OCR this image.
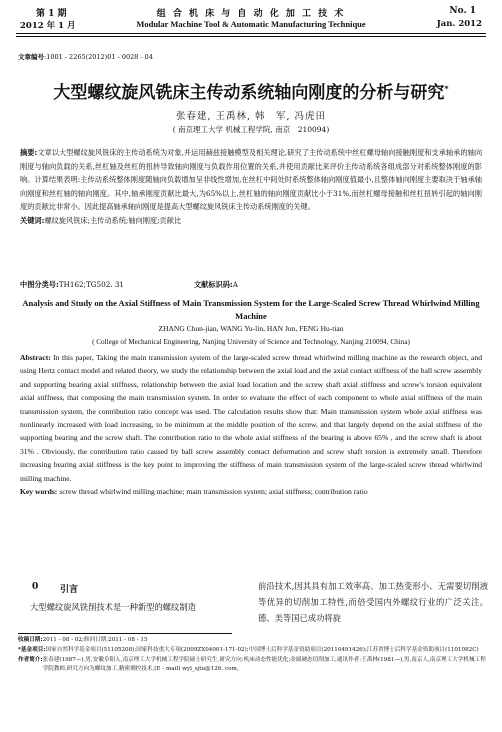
第 1 期	组 合 机 床 与 自 动 化 加 工 技 术	No. 1
2012 年 1 月	Modular Machine Tool & Automatic Manufacturing Technique	Jan. 2012
文章编号:1001 - 2265(2012)01 - 0028 - 04
大型螺纹旋风铣床主传动系统轴向刚度的分析与研究*
张春建, 王禹林, 韩　军, 冯虎田
( 南京理工大学 机械工程学院, 南京　210094)
摘要:文章以大型螺纹旋风铣床的主传动系统为对象,并运用赫兹接触模型及相关理论,研究了主传动系统中丝杠螺母轴向接触刚度和支承轴承的轴向刚度与轴向负载的关系,丝杠轴及丝杠的扭转导致轴向刚度与负载作用位置的关系,并使用贡献比来评价主传动系统各组成部分对系统整体刚度的影响。计算结果表明:主传动系统整体刚度随轴向负载增加呈非线性增加,在丝杠中间处时系统整体轴向刚度值最小,且整体轴向刚度主要取决于轴承轴向刚度和丝杠轴的轴向刚度。其中,轴承刚度贡献比最大,为65%以上,丝杠轴的轴向刚度贡献比小于31%,而丝杠螺母接触和丝杠扭转引起的轴向刚度的贡献比非常小。因此提高轴承轴向刚度是提高大型螺纹旋风铣床主传动系统刚度的关键。
关键词:螺纹旋风铣床;主传动系统;轴向刚度;贡献比
中图分类号:TH162;TG502. 31	文献标识码:A
Analysis and Study on the Axial Stiffness of Main Transmission System for the Large-Scaled Screw Thread Whirlwind Milling Machine
ZHANG Chun-jian, WANG Yu-lin, HAN Jun, FENG Hu-tian
( College of Mechanical Engineering, Nanjing University of Science and Technology, Nanjing 210094, China)
Abstract: In this paper, Taking the main transmission system of the large-scaled screw thread whirlwind milling machine as the research object, and using Hertz contact model and related theory, we study the relationship between the axial load and the axial contact stiffness of the ball screw assembly and supporting bearing axial stiffness, relationship between the axial load location and the screw shaft axial stiffness and screw's torsion equivalent axial stiffness, that composing the main transmission system. In order to evaluate the effect of each component to whole axial stiffness of the main transmission system, the contribution ratio concept was used. The calculation results show that: Main transmission system whole axial stiffness was nonlinearly increased with load increasing, to be minimum at the middle position of the screw, and that largely depend on the axial stiffness of the supporting bearing and the screw shaft. The contribution ratio to the whole axial stiffness of the bearing is above 65% , and the screw shaft is about 31% . Obviously, the contribution ratio caused by ball screw assembly contact deformation and screw shaft torsion is extremely small. Therefore increasing bearing axial stiffness is the key point to improving the stiffness of main transmission system of the large-scaled screw thread whirlwind milling machine.
Key words: screw thread whirlwind milling machine; main transmission system; axial stiffness; contribution ratio
0 引言
大型螺纹旋风铣削技术是一种新型的螺纹制造
前沿技术,因其具有加工效率高、加工热变形小、无需要切削液等优异的切削加工特性,而倍受国内外螺纹行业的广泛关注。德、美等国已成功将旋
收稿日期: 2011 - 08 - 02;修回日期:2011 - 08 - 15
*基金项目: 国家自然科学基金项目(51105208);国家科技重大专项(2009ZX04001-171-02);中国博士后科学基金资助项目(20110491426);江苏省博士后科学基金资助项目(1101082C)
作者简介: 张春建(1987—),男,安徽阜阳人,南京理工大学机械工程学院硕士研究生,研究方向:机床动态性能优化;金属硬态切削加工;通讯作者:王禹林(1981—),男,南京人,南京理工大学机械工程学院教师,研究方向为螺纹加工,精密测控技术,(E - mail) wyl_sjtu@126. com。
